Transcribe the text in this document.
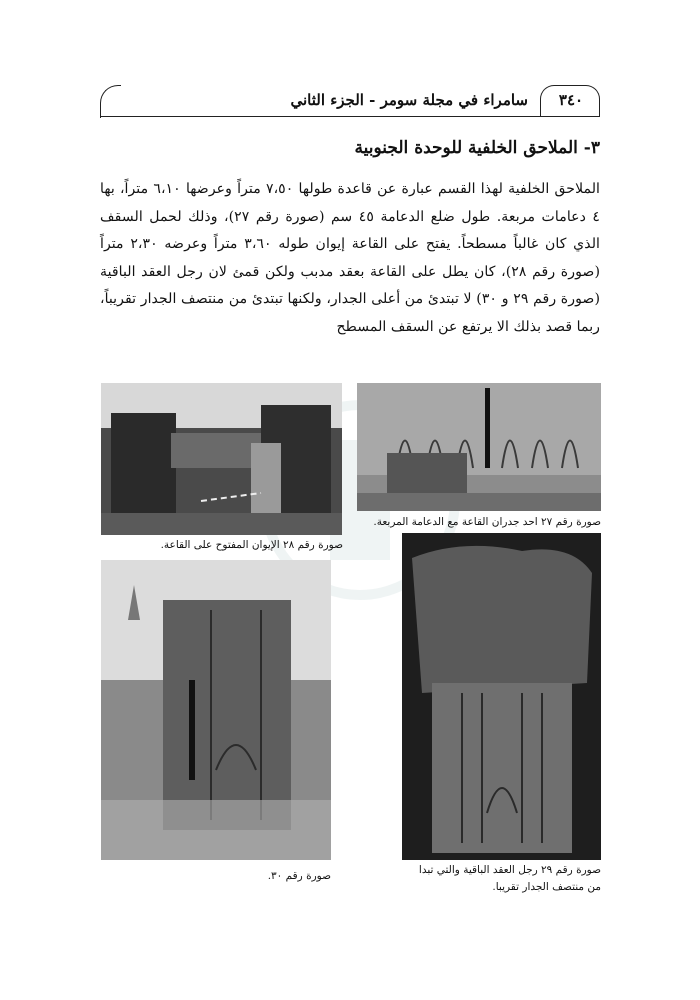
سامراء في مجلة سومر - الجزء الثاني	٣٤٠
٣- الملاحق الخلفية للوحدة الجنوبية

الملاحق الخلفية لهذا القسم عبارة عن قاعدة طولها ٧،٥٠ متراً وعرضها ٦،١٠ متراً، بها ٤ دعامات مربعة. طول ضلع الدعامة ٤٥ سم (صورة رقم ٢٧)، وذلك لحمل السقف الذي كان غالباً مسطحاً. يفتح على القاعة إيوان طوله ٣،٦٠ متراً وعرضه ٢،٣٠ متراً (صورة رقم ٢٨)، كان يطل على القاعة بعقد مدبب ولكن قمئ لان رجل العقد الباقية (صورة رقم ٢٩ و ٣٠) لا تبتدئ من أعلى الجدار، ولكنها تبتدئ من منتصف الجدار تقريباً، ربما قصد بذلك الا يرتفع عن السقف المسطح

صورة رقم ٢٧ احد جدران القاعة مع الدعامة المربعة.
صورة رقم ٢٨ الإيوان المفتوح على القاعة.
صورة رقم ٢٩ رجل العقد الباقية والتي تبدا
من منتصف الجدار تقريبا.
صورة رقم ٣٠.
